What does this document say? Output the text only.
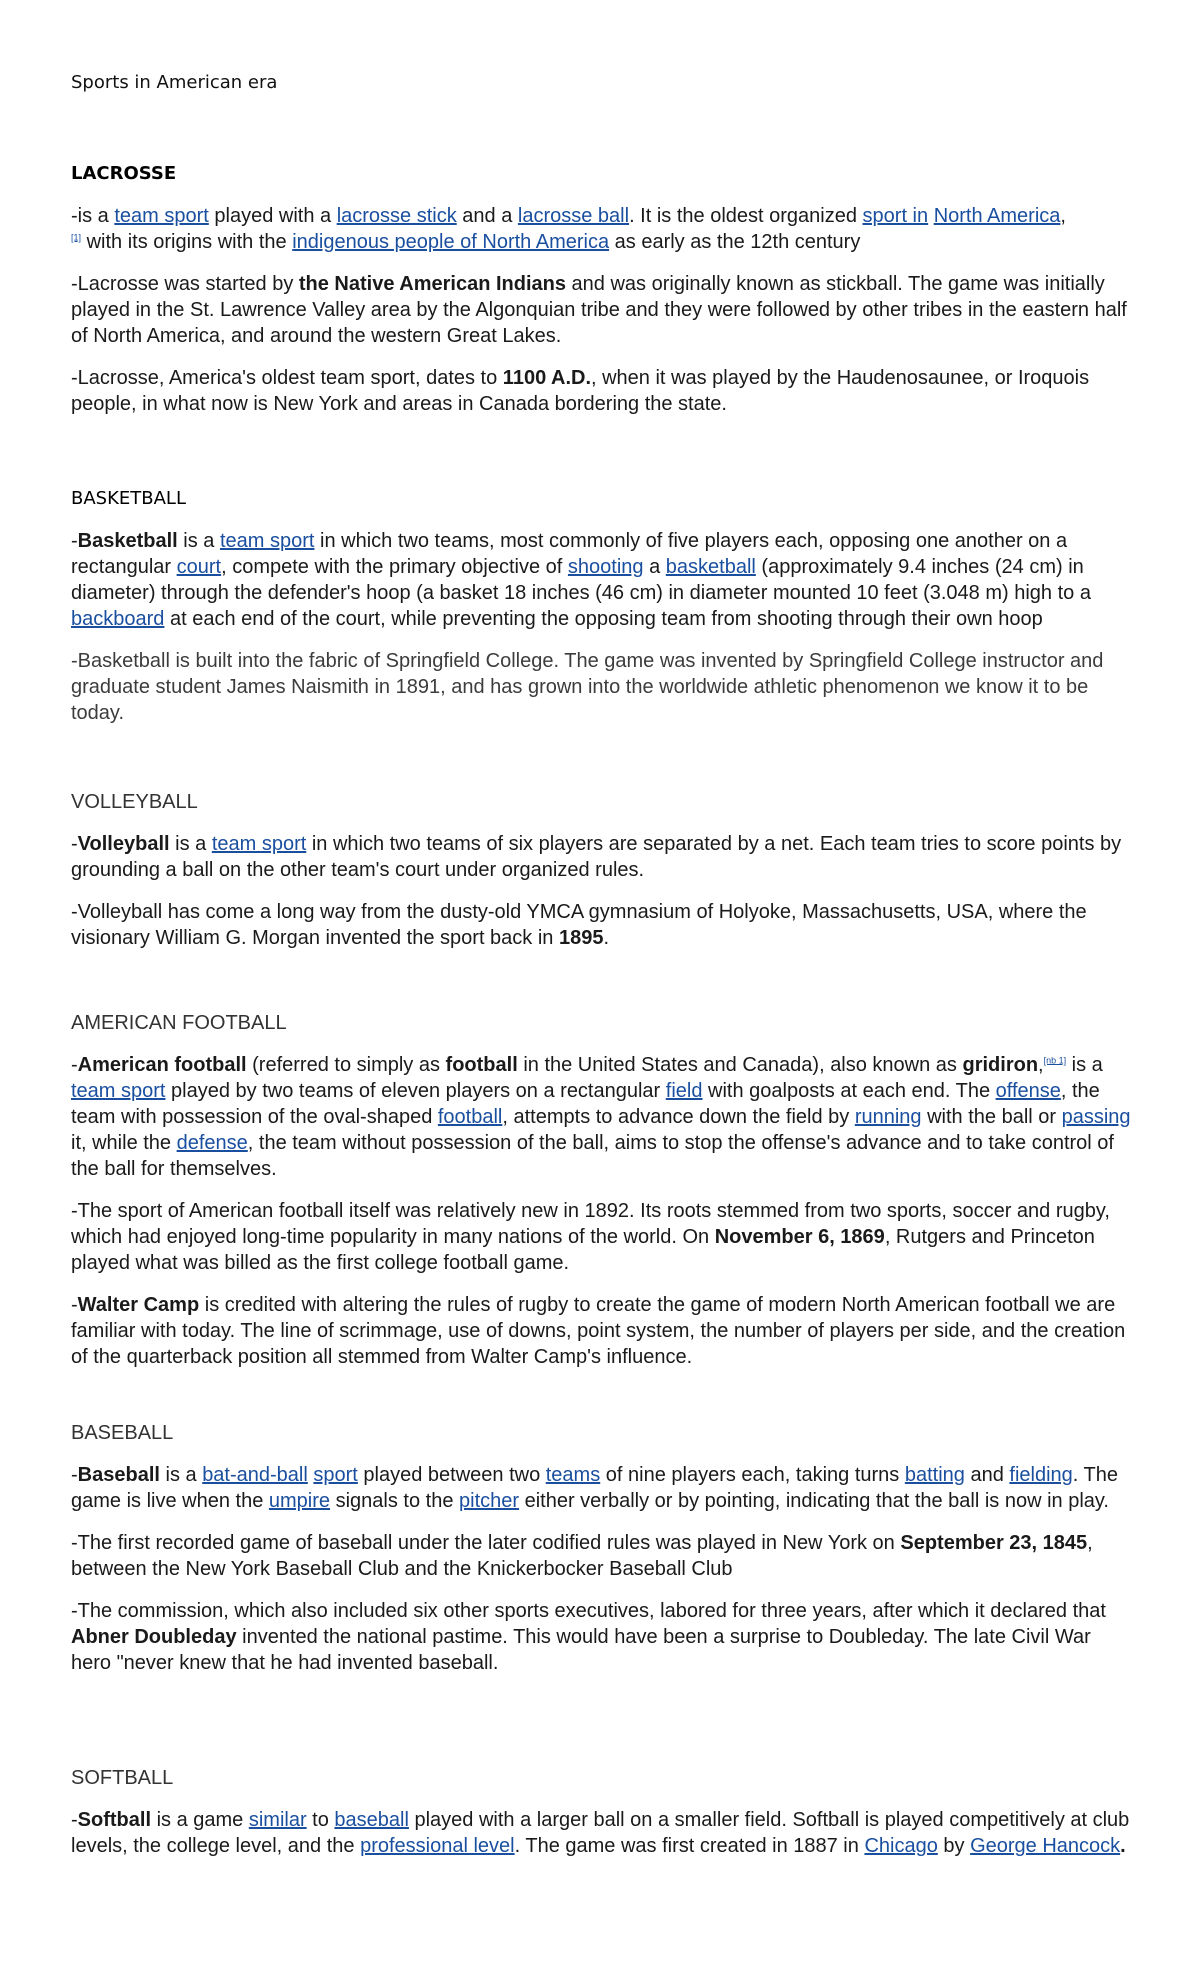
Sports in American era
LACROSSE

-is a team sport played with a lacrosse stick and a lacrosse ball. It is the oldest organized sport in North America,
[1] with its origins with the indigenous people of North America as early as the 12th century

-Lacrosse was started by the Native American Indians and was originally known as stickball. The game was initially played in the St. Lawrence Valley area by the Algonquian tribe and they were followed by other tribes in the eastern half of North America, and around the western Great Lakes.

-Lacrosse, America's oldest team sport, dates to 1100 A.D., when it was played by the Haudenosaunee, or Iroquois people, in what now is New York and areas in Canada bordering the state.

BASKETBALL

-Basketball is a team sport in which two teams, most commonly of five players each, opposing one another on a rectangular court, compete with the primary objective of shooting a basketball (approximately 9.4 inches (24 cm) in diameter) through the defender's hoop (a basket 18 inches (46 cm) in diameter mounted 10 feet (3.048 m) high to a backboard at each end of the court, while preventing the opposing team from shooting through their own hoop

-Basketball is built into the fabric of Springfield College. The game was invented by Springfield College instructor and graduate student James Naismith in 1891, and has grown into the worldwide athletic phenomenon we know it to be today.

VOLLEYBALL

-Volleyball is a team sport in which two teams of six players are separated by a net. Each team tries to score points by grounding a ball on the other team's court under organized rules.

-Volleyball has come a long way from the dusty-old YMCA gymnasium of Holyoke, Massachusetts, USA, where the visionary William G. Morgan invented the sport back in 1895.

AMERICAN FOOTBALL

-American football (referred to simply as football in the United States and Canada), also known as gridiron,[nb 1] is a team sport played by two teams of eleven players on a rectangular field with goalposts at each end. The offense, the team with possession of the oval-shaped football, attempts to advance down the field by running with the ball or passing it, while the defense, the team without possession of the ball, aims to stop the offense's advance and to take control of the ball for themselves.

-The sport of American football itself was relatively new in 1892. Its roots stemmed from two sports, soccer and rugby, which had enjoyed long-time popularity in many nations of the world. On November 6, 1869, Rutgers and Princeton played what was billed as the first college football game.

-Walter Camp is credited with altering the rules of rugby to create the game of modern North American football we are familiar with today. The line of scrimmage, use of downs, point system, the number of players per side, and the creation of the quarterback position all stemmed from Walter Camp's influence.

BASEBALL

-Baseball is a bat-and-ball sport played between two teams of nine players each, taking turns batting and fielding. The game is live when the umpire signals to the pitcher either verbally or by pointing, indicating that the ball is now in play.

-The first recorded game of baseball under the later codified rules was played in New York on September 23, 1845, between the New York Baseball Club and the Knickerbocker Baseball Club

-The commission, which also included six other sports executives, labored for three years, after which it declared that Abner Doubleday invented the national pastime. This would have been a surprise to Doubleday. The late Civil War hero "never knew that he had invented baseball.

SOFTBALL

-Softball is a game similar to baseball played with a larger ball on a smaller field. Softball is played competitively at club levels, the college level, and the professional level. The game was first created in 1887 in Chicago by George Hancock.
